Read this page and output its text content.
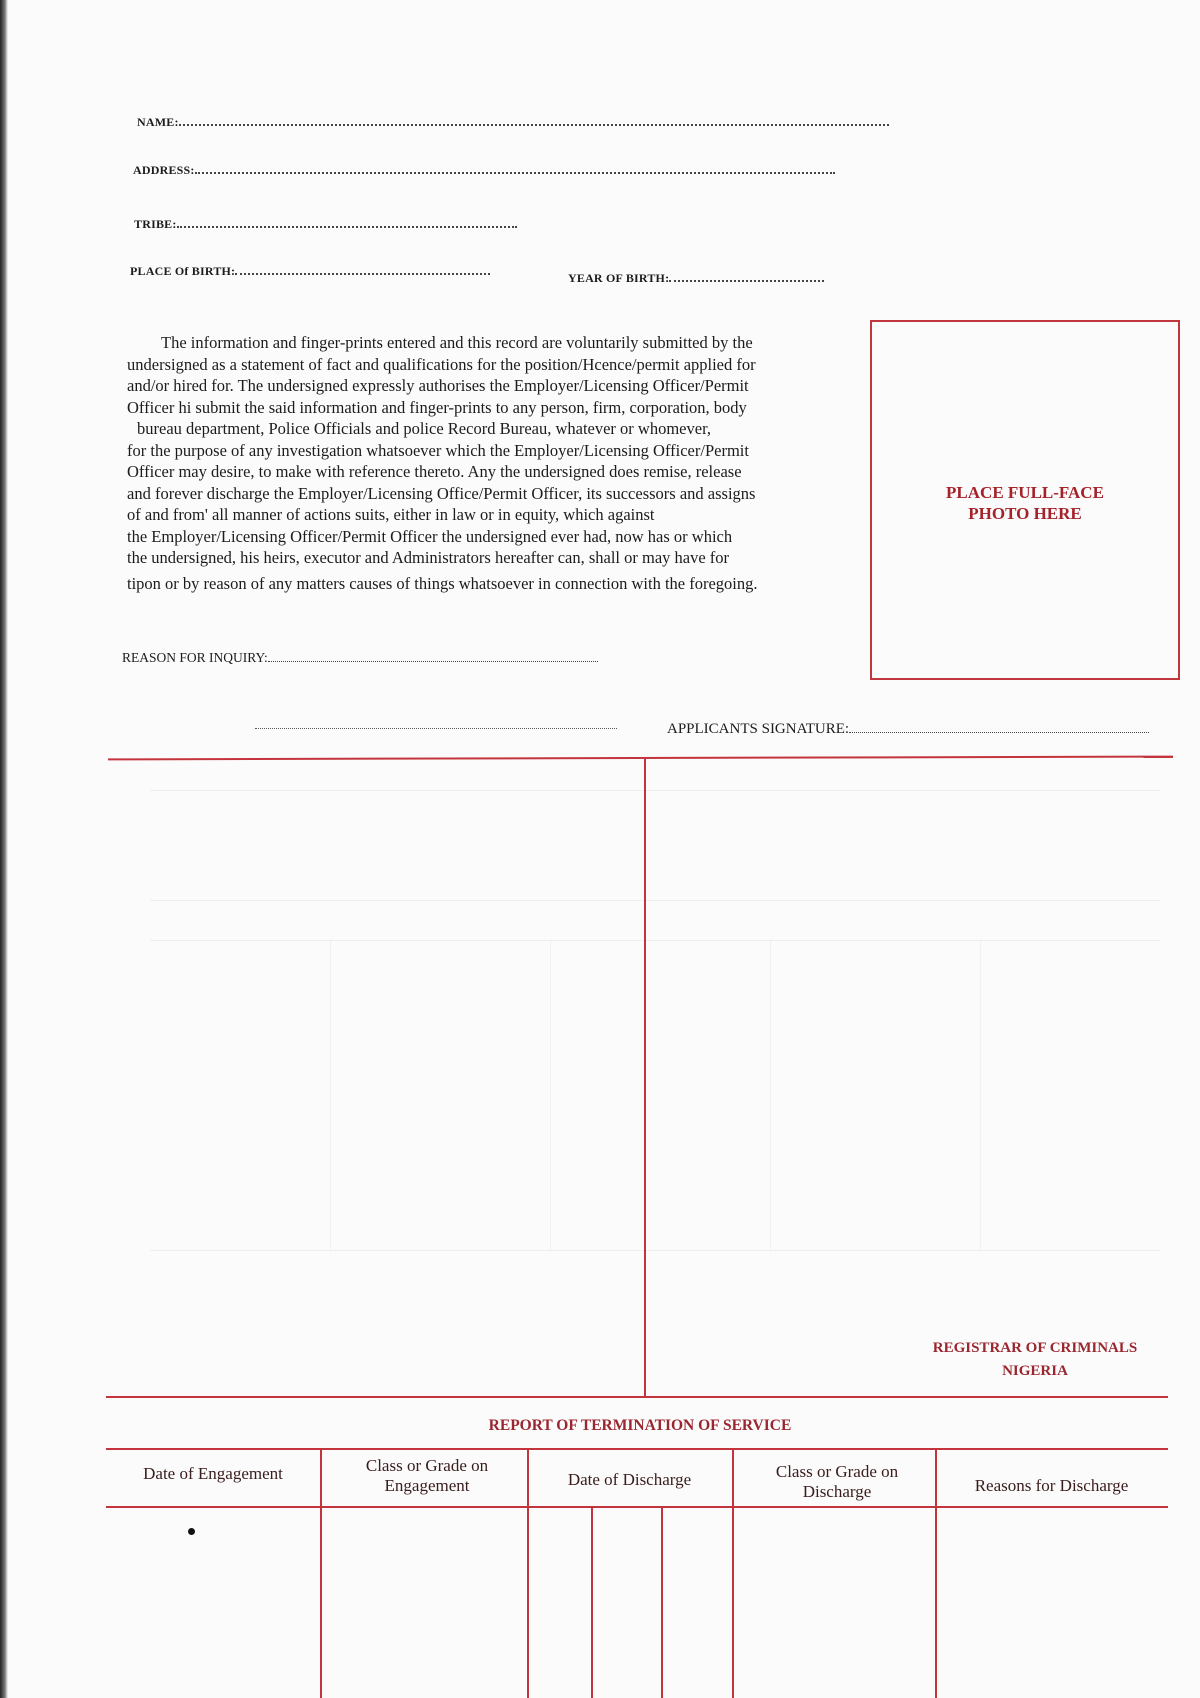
NAME:
ADDRESS:
TRIBE:
PLACE Of BIRTH:	YEAR OF BIRTH:
The information and finger-prints entered and this record are voluntarily submitted by the
undersigned as a statement of fact and qualifications for the position/Hcence/permit applied for
and/or hired for. The undersigned expressly authorises the Employer/Licensing Officer/Permit
Officer hi submit the said information and finger-prints to any person, firm, corporation, body
bureau department, Police Officials and police Record Bureau, whatever or whomever,
for the purpose of any investigation whatsoever which the Employer/Licensing Officer/Permit
Officer may desire, to make with reference thereto. Any the undersigned does remise, release
and forever discharge the Employer/Licensing Office/Permit Officer, its successors and assigns
of and from' all manner of actions suits, either in law or in equity, which against
the Employer/Licensing Officer/Permit Officer the undersigned ever had, now has or which
the undersigned, his heirs, executor and Administrators hereafter can, shall or may have for
tipon or by reason of any matters causes of things whatsoever in connection with the foregoing.
PLACE FULL-FACE
PHOTO HERE
REASON FOR INQUIRY:
APPLICANTS SIGNATURE:
REGISTRAR OF CRIMINALS
NIGERIA
REPORT OF TERMINATION OF SERVICE
Date of Engagement	Class or Grade on Engagement	Date of Discharge	Class or Grade on Discharge	Reasons for Discharge
